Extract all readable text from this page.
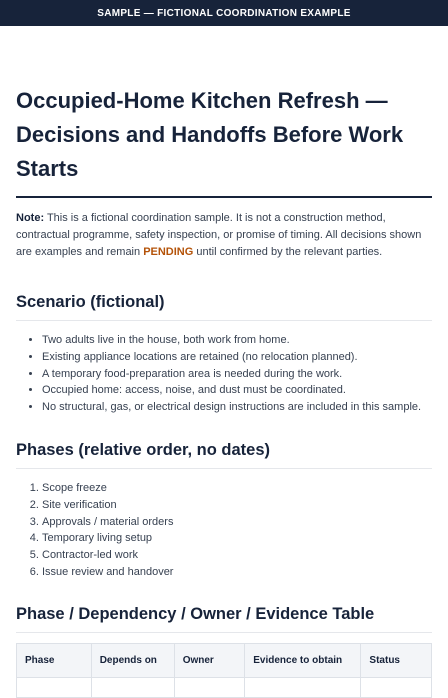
SAMPLE — FICTIONAL COORDINATION EXAMPLE
Occupied-Home Kitchen Refresh — Decisions and Handoffs Before Work Starts

Note: This is a fictional coordination sample. It is not a construction method, contractual programme, safety inspection, or promise of timing. All decisions shown are examples and remain PENDING until confirmed by the relevant parties.

Scenario (fictional)
• Two adults live in the house, both work from home.
• Existing appliance locations are retained (no relocation planned).
• A temporary food-preparation area is needed during the work.
• Occupied home: access, noise, and dust must be coordinated.
• No structural, gas, or electrical design instructions are included in this sample.
Phases (relative order, no dates)
1. Scope freeze
2. Site verification
3. Approvals / material orders
4. Temporary living setup
5. Contractor-led work
6. Issue review and handover
Phase / Dependency / Owner / Evidence Table
Phase	Depends on	Owner	Evidence to obtain	Status
